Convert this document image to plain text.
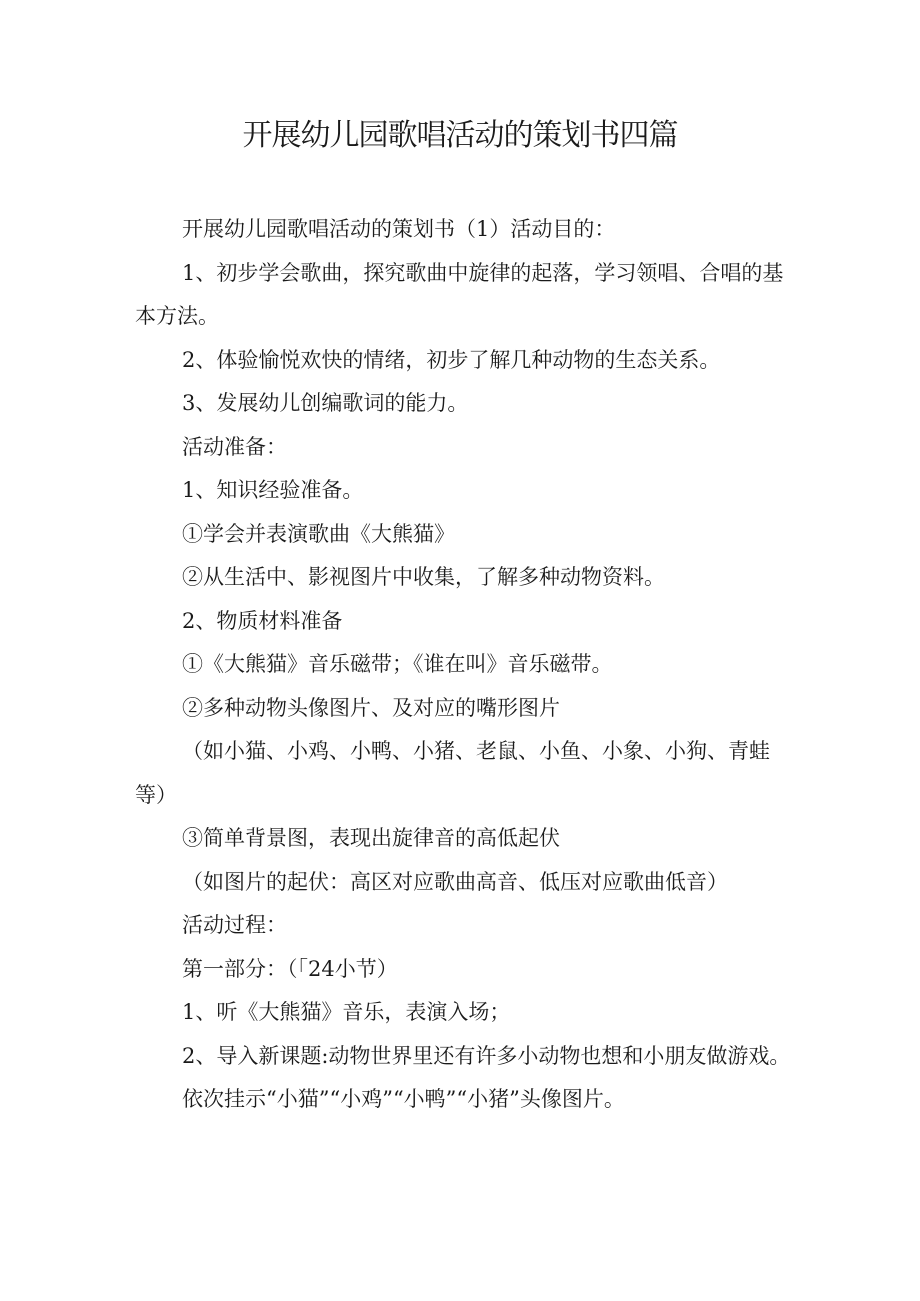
开展幼儿园歌唱活动的策划书四篇

开展幼儿园歌唱活动的策划书（1）活动目的：

1、初步学会歌曲，探究歌曲中旋律的起落，学习领唱、合唱的基本方法。

2、体验愉悦欢快的情绪，初步了解几种动物的生态关系。

3、发展幼儿创编歌词的能力。

活动准备：

1、知识经验准备。

①学会并表演歌曲《大熊猫》

②从生活中、影视图片中收集，了解多种动物资料。

2、物质材料准备

①《大熊猫》音乐磁带；《谁在叫》音乐磁带。

②多种动物头像图片、及对应的嘴形图片

（如小猫、小鸡、小鸭、小猪、老鼠、小鱼、小象、小狗、青蛙等）

③简单背景图，表现出旋律音的高低起伏

（如图片的起伏：高区对应歌曲高音、低压对应歌曲低音）

活动过程：

第一部分：（「24小节）

1、听《大熊猫》音乐，表演入场；

2、导入新课题:动物世界里还有许多小动物也想和小朋友做游戏。

依次挂示“小猫”“小鸡”“小鸭”“小猪”头像图片。
